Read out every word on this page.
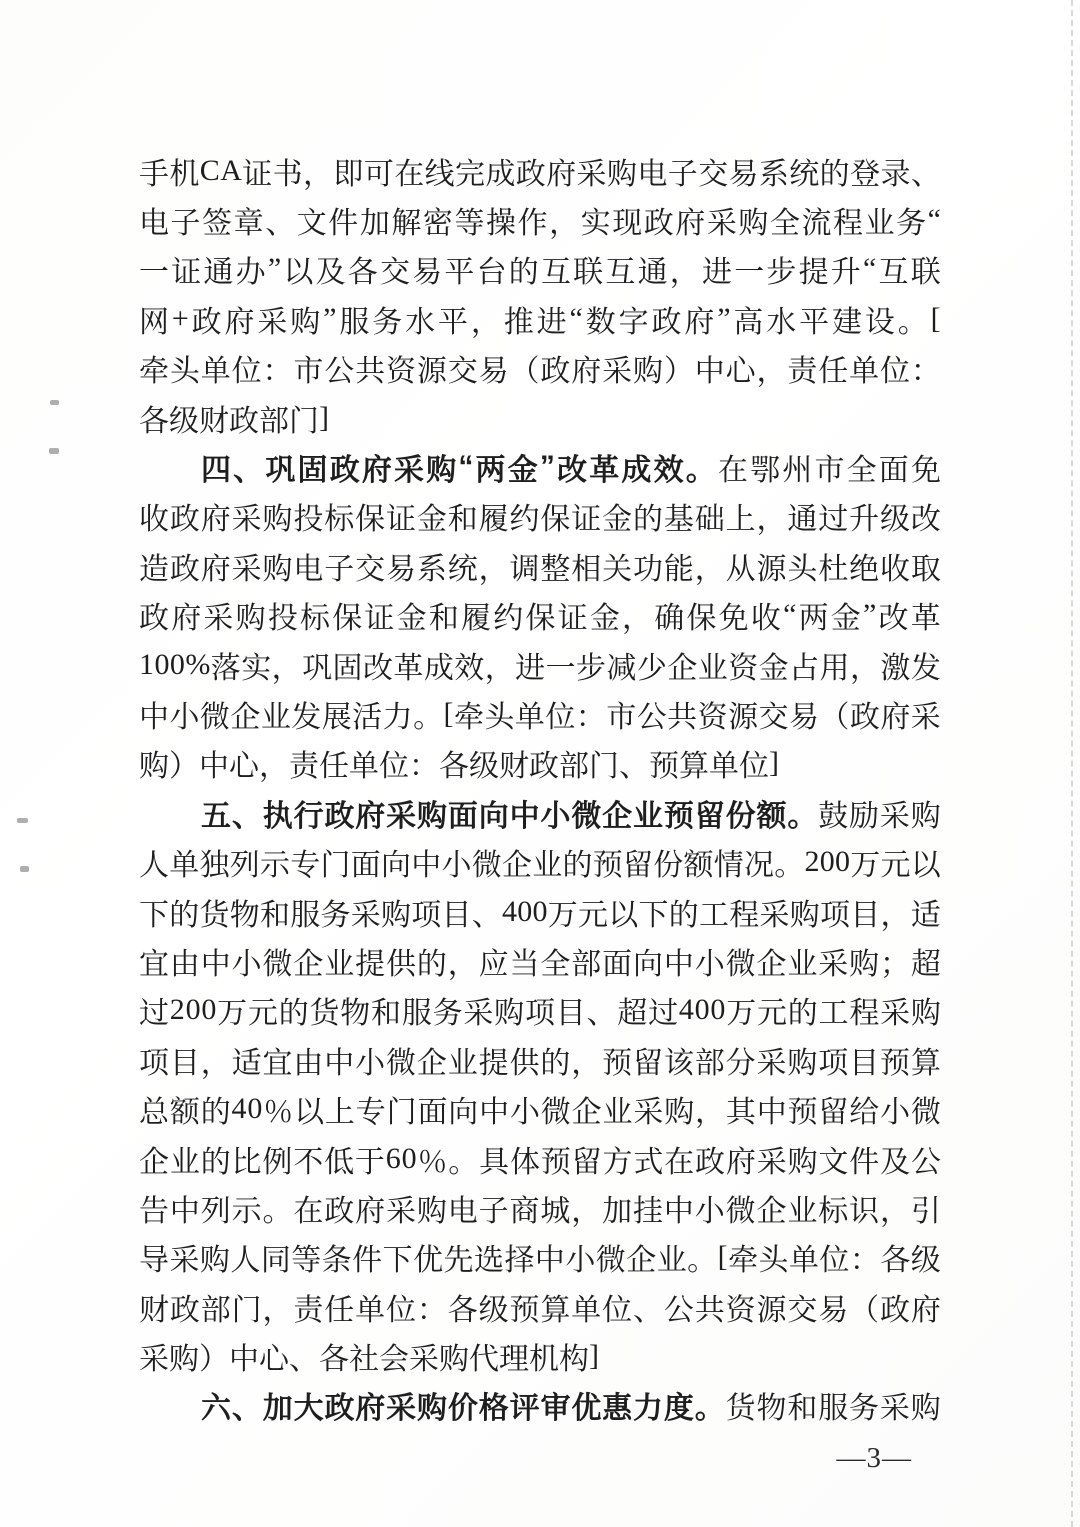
手 机 C A 证 书 ， 即 可 在 线 完 成 政 府 采 购 电 子 交 易 系 统 的 登 录 、
电 子 签 章 、 文 件 加 解 密 等 操 作 ， 实 现 政 府 采 购 全 流 程 业 务 “
一 证 通 办 ” 以 及 各 交 易 平 台 的 互 联 互 通 ， 进 一 步 提 升 “ 互 联
网 + 政 府 采 购 ” 服 务 水 平 ， 推 进 “ 数 字 政 府 ” 高 水 平 建 设 。 [
牵 头 单 位 ： 市 公 共 资 源 交 易 （ 政 府 采 购 ） 中 心 ， 责 任 单 位 ：
各 级 财 政 部 门 ]
四 、 巩 固 政 府 采 购 “ 两 金 ” 改 革 成 效 。 在 鄂 州 市 全 面 免
收 政 府 采 购 投 标 保 证 金 和 履 约 保 证 金 的 基 础 上 ， 通 过 升 级 改
造 政 府 采 购 电 子 交 易 系 统 ， 调 整 相 关 功 能 ， 从 源 头 杜 绝 收 取
政 府 采 购 投 标 保 证 金 和 履 约 保 证 金 ， 确 保 免 收 “ 两 金 ” 改 革
1 0 0 % 落 实 ， 巩 固 改 革 成 效 ， 进 一 步 减 少 企 业 资 金 占 用 ， 激 发
中 小 微 企 业 发 展 活 力 。 [ 牵 头 单 位 ： 市 公 共 资 源 交 易 （ 政 府 采
购 ） 中 心 ， 责 任 单 位 ： 各 级 财 政 部 门 、 预 算 单 位 ]
五 、 执 行 政 府 采 购 面 向 中 小 微 企 业 预 留 份 额 。 鼓 励 采 购
人 单 独 列 示 专 门 面 向 中 小 微 企 业 的 预 留 份 额 情 况 。 2 0 0 万 元 以
下 的 货 物 和 服 务 采 购 项 目 、 4 0 0 万 元 以 下 的 工 程 采 购 项 目 ， 适
宜 由 中 小 微 企 业 提 供 的 ， 应 当 全 部 面 向 中 小 微 企 业 采 购 ； 超
过 2 0 0 万 元 的 货 物 和 服 务 采 购 项 目 、 超 过 4 0 0 万 元 的 工 程 采 购
项 目 ， 适 宜 由 中 小 微 企 业 提 供 的 ， 预 留 该 部 分 采 购 项 目 预 算
总 额 的 4 0 ％ 以 上 专 门 面 向 中 小 微 企 业 采 购 ， 其 中 预 留 给 小 微
企 业 的 比 例 不 低 于 6 0 ％ 。 具 体 预 留 方 式 在 政 府 采 购 文 件 及 公
告 中 列 示 。 在 政 府 采 购 电 子 商 城 ， 加 挂 中 小 微 企 业 标 识 ， 引
导 采 购 人 同 等 条 件 下 优 先 选 择 中 小 微 企 业 。 [ 牵 头 单 位 ： 各 级
财 政 部 门 ， 责 任 单 位 ： 各 级 预 算 单 位 、 公 共 资 源 交 易 （ 政 府
采 购 ） 中 心 、 各 社 会 采 购 代 理 机 构 ]
六 、 加 大 政 府 采 购 价 格 评 审 优 惠 力 度 。 货 物 和 服 务 采 购
—3—
